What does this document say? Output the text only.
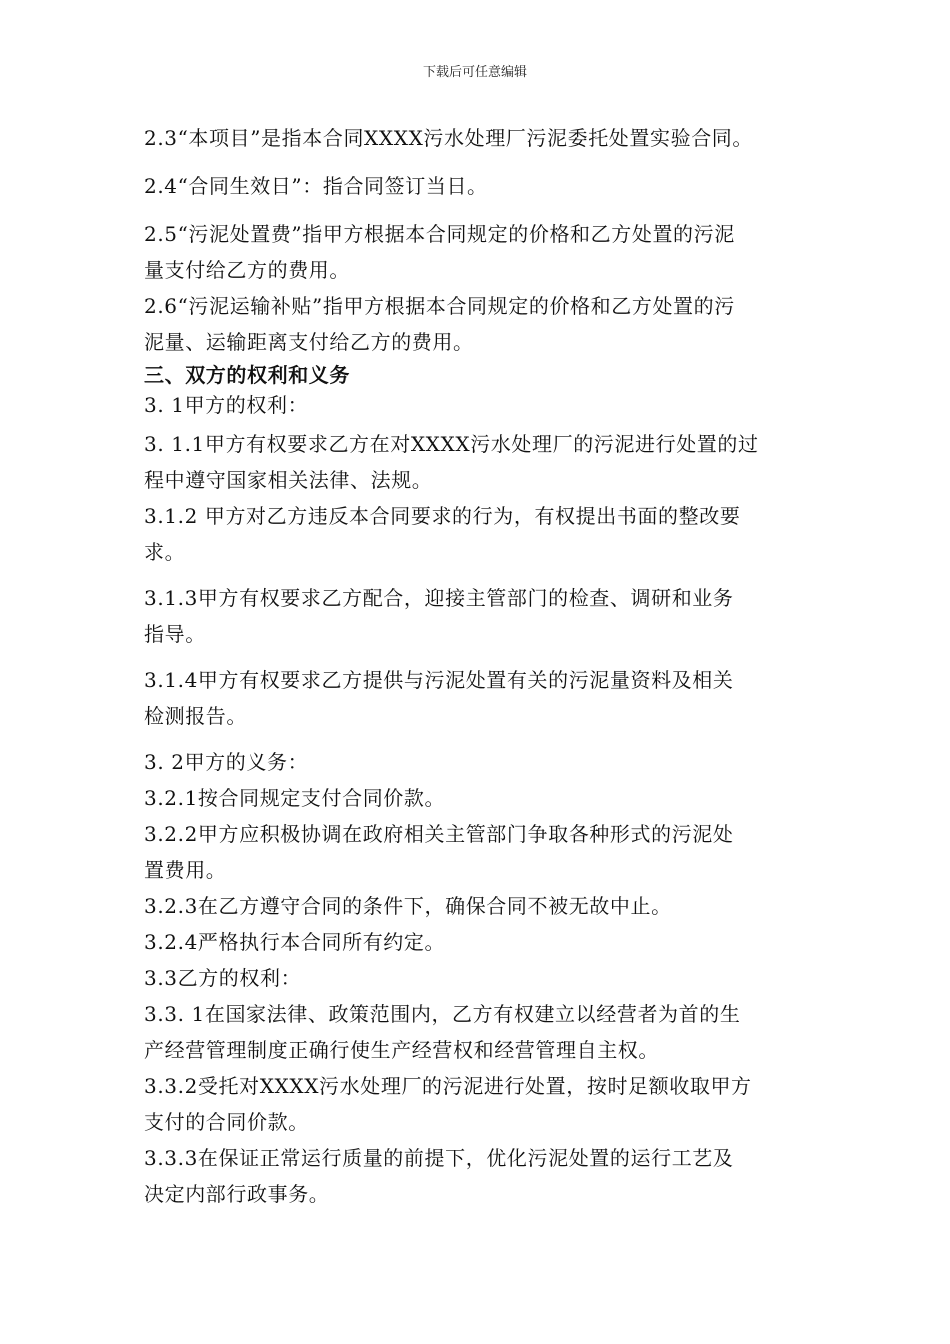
下载后可任意编辑

2.3“本项目”是指本合同XXXX污水处理厂污泥委托处置实验合同。

2.4“合同生效日”：指合同签订当日。

2.5“污泥处置费”指甲方根据本合同规定的价格和乙方处置的污泥

量支付给乙方的费用。

2.6“污泥运输补贴”指甲方根据本合同规定的价格和乙方处置的污

泥量、运输距离支付给乙方的费用。

三、双方的权利和义务

3. 1甲方的权利：

3. 1.1甲方有权要求乙方在对XXXX污水处理厂的污泥进行处置的过

程中遵守国家相关法律、法规。

3.1.2 甲方对乙方违反本合同要求的行为，有权提出书面的整改要

求。

3.1.3甲方有权要求乙方配合，迎接主管部门的检查、调研和业务

指导。

3.1.4甲方有权要求乙方提供与污泥处置有关的污泥量资料及相关

检测报告。

3. 2甲方的义务：

3.2.1按合同规定支付合同价款。

3.2.2甲方应积极协调在政府相关主管部门争取各种形式的污泥处

置费用。

3.2.3在乙方遵守合同的条件下，确保合同不被无故中止。

3.2.4严格执行本合同所有约定。

3.3乙方的权利：

3.3. 1在国家法律、政策范围内，乙方有权建立以经营者为首的生

产经营管理制度正确行使生产经营权和经营管理自主权。

3.3.2受托对XXXX污水处理厂的污泥进行处置，按时足额收取甲方

支付的合同价款。

3.3.3在保证正常运行质量的前提下，优化污泥处置的运行工艺及

决定内部行政事务。
